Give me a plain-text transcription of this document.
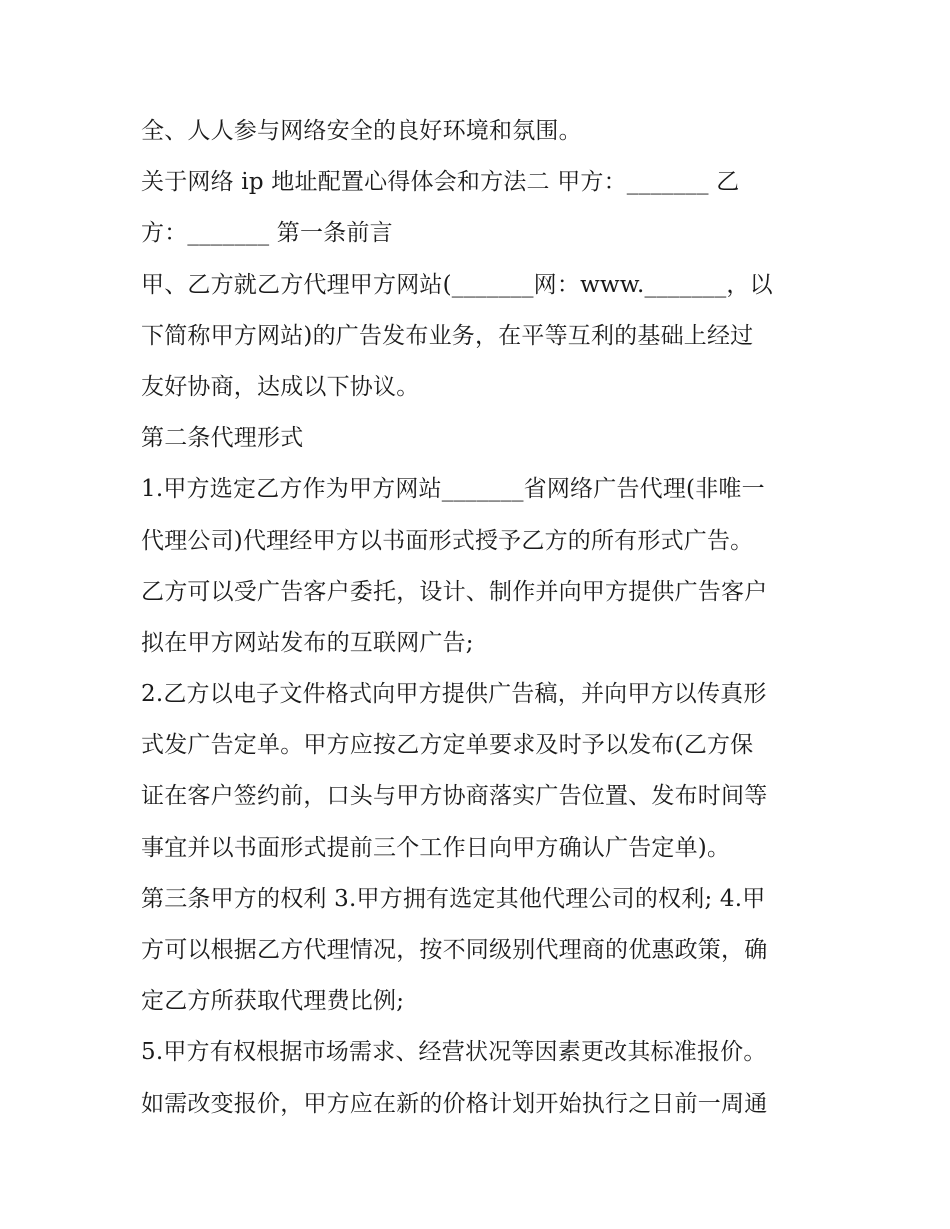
全、人人参与网络安全的良好环境和氛围。
关于网络 ip 地址配置心得体会和方法二 甲方：_______ 乙
方：_______ 第一条前言
甲、乙方就乙方代理甲方网站(_______网：www._______，以
下简称甲方网站)的广告发布业务，在平等互利的基础上经过
友好协商，达成以下协议。
第二条代理形式
1.甲方选定乙方作为甲方网站_______省网络广告代理(非唯一
代理公司)代理经甲方以书面形式授予乙方的所有形式广告。
乙方可以受广告客户委托，设计、制作并向甲方提供广告客户
拟在甲方网站发布的互联网广告;
2.乙方以电子文件格式向甲方提供广告稿，并向甲方以传真形
式发广告定单。甲方应按乙方定单要求及时予以发布(乙方保
证在客户签约前，口头与甲方协商落实广告位置、发布时间等
事宜并以书面形式提前三个工作日向甲方确认广告定单)。
第三条甲方的权利 3.甲方拥有选定其他代理公司的权利; 4.甲
方可以根据乙方代理情况，按不同级别代理商的优惠政策，确
定乙方所获取代理费比例;
5.甲方有权根据市场需求、经营状况等因素更改其标准报价。
如需改变报价，甲方应在新的价格计划开始执行之日前一周通
